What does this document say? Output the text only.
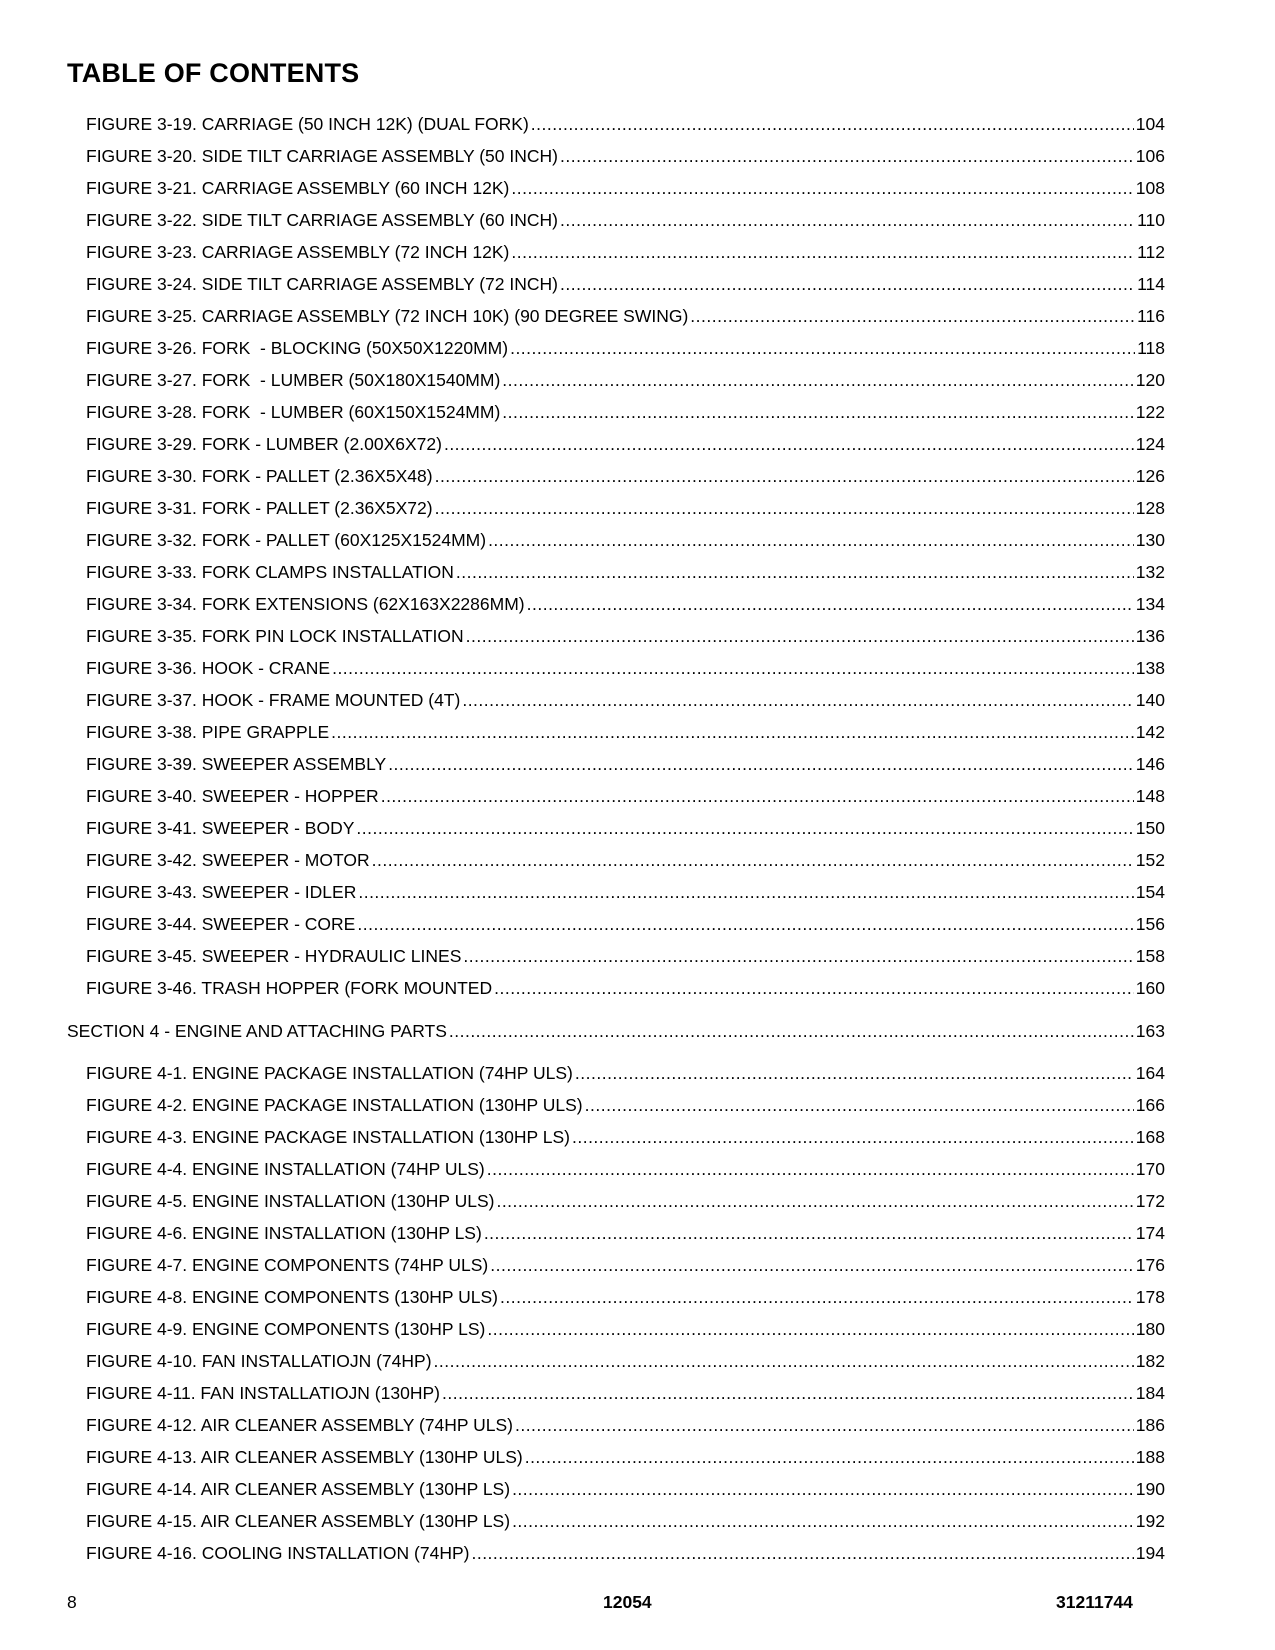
TABLE OF CONTENTS
FIGURE 3-19. CARRIAGE (50 INCH 12K) (DUAL FORK) .....	104
FIGURE 3-20. SIDE TILT CARRIAGE ASSEMBLY (50 INCH) .....	106
FIGURE 3-21. CARRIAGE ASSEMBLY (60 INCH 12K) .....	108
FIGURE 3-22. SIDE TILT CARRIAGE ASSEMBLY (60 INCH) .....	110
FIGURE 3-23. CARRIAGE ASSEMBLY (72 INCH 12K) .....	112
FIGURE 3-24. SIDE TILT CARRIAGE ASSEMBLY (72 INCH) .....	114
FIGURE 3-25. CARRIAGE ASSEMBLY (72 INCH 10K) (90 DEGREE SWING) .....	116
FIGURE 3-26. FORK  - BLOCKING (50X50X1220MM) .....	118
FIGURE 3-27. FORK  - LUMBER (50X180X1540MM) .....	120
FIGURE 3-28. FORK  - LUMBER (60X150X1524MM) .....	122
FIGURE 3-29. FORK - LUMBER (2.00X6X72) .....	124
FIGURE 3-30. FORK - PALLET (2.36X5X48) .....	126
FIGURE 3-31. FORK - PALLET (2.36X5X72) .....	128
FIGURE 3-32. FORK - PALLET (60X125X1524MM) .....	130
FIGURE 3-33. FORK CLAMPS INSTALLATION .....	132
FIGURE 3-34. FORK EXTENSIONS (62X163X2286MM) .....	134
FIGURE 3-35. FORK PIN LOCK INSTALLATION .....	136
FIGURE 3-36. HOOK - CRANE .....	138
FIGURE 3-37. HOOK - FRAME MOUNTED (4T) .....	140
FIGURE 3-38. PIPE GRAPPLE .....	142
FIGURE 3-39. SWEEPER ASSEMBLY .....	146
FIGURE 3-40. SWEEPER - HOPPER .....	148
FIGURE 3-41. SWEEPER - BODY .....	150
FIGURE 3-42. SWEEPER - MOTOR .....	152
FIGURE 3-43. SWEEPER - IDLER .....	154
FIGURE 3-44. SWEEPER - CORE .....	156
FIGURE 3-45. SWEEPER - HYDRAULIC LINES .....	158
FIGURE 3-46. TRASH HOPPER (FORK MOUNTED .....	160
SECTION 4 - ENGINE AND ATTACHING PARTS .....	163
FIGURE 4-1. ENGINE PACKAGE INSTALLATION (74HP ULS) .....	164
FIGURE 4-2. ENGINE PACKAGE INSTALLATION (130HP ULS) .....	166
FIGURE 4-3. ENGINE PACKAGE INSTALLATION (130HP LS) .....	168
FIGURE 4-4. ENGINE INSTALLATION (74HP ULS) .....	170
FIGURE 4-5. ENGINE INSTALLATION (130HP ULS) .....	172
FIGURE 4-6. ENGINE INSTALLATION (130HP LS) .....	174
FIGURE 4-7. ENGINE COMPONENTS (74HP ULS) .....	176
FIGURE 4-8. ENGINE COMPONENTS (130HP ULS) .....	178
FIGURE 4-9. ENGINE COMPONENTS (130HP LS) .....	180
FIGURE 4-10. FAN INSTALLATIOJN (74HP) .....	182
FIGURE 4-11. FAN INSTALLATIOJN (130HP) .....	184
FIGURE 4-12. AIR CLEANER ASSEMBLY (74HP ULS) .....	186
FIGURE 4-13. AIR CLEANER ASSEMBLY (130HP ULS) .....	188
FIGURE 4-14. AIR CLEANER ASSEMBLY (130HP LS) .....	190
FIGURE 4-15. AIR CLEANER ASSEMBLY (130HP LS) .....	192
FIGURE 4-16. COOLING INSTALLATION (74HP) .....	194
8	12054	31211744
